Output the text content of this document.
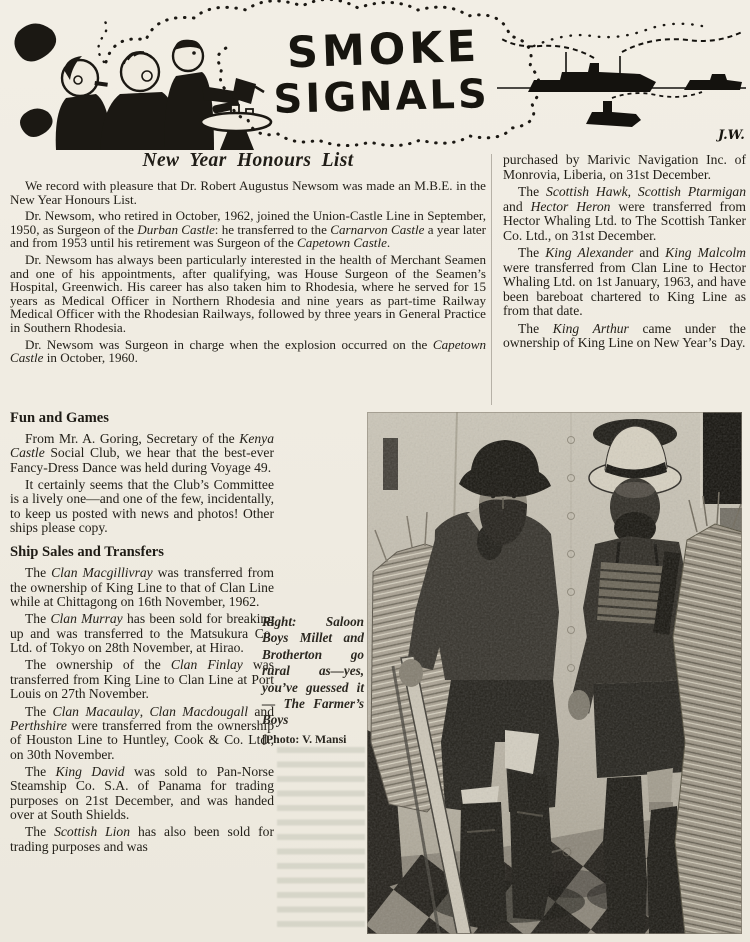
SMOKE
SIGNALS
J.W.
New Year Honours List

We record with pleasure that Dr. Robert Augustus Newsom was made an M.B.E. in the New Year Honours List.

Dr. Newsom, who retired in October, 1962, joined the Union-Castle Line in September, 1950, as Surgeon of the Durban Castle: he transferred to the Carnarvon Castle a year later and from 1953 until his retirement was Surgeon of the Capetown Castle.

Dr. Newsom has always been particularly interested in the health of Merchant Seamen and one of his appointments, after qualifying, was House Surgeon of the Seamen’s Hospital, Greenwich. His career has also taken him to Rhodesia, where he served for 15 years as Medical Officer in Northern Rhodesia and nine years as part-time Railway Medical Officer with the Rhodesian Railways, followed by three years in General Practice in Southern Rhodesia.

Dr. Newsom was Surgeon in charge when the explosion occurred on the Capetown Castle in October, 1960.

purchased by Marivic Navigation Inc. of Monrovia, Liberia, on 31st December.

The Scottish Hawk, Scottish Ptarmigan and Hector Heron were transferred from Hector Whaling Ltd. to The Scottish Tanker Co. Ltd., on 31st December.

The King Alexander and King Malcolm were transferred from Clan Line to Hector Whaling Ltd. on 1st January, 1963, and have been bareboat chartered to King Line as from that date.

The King Arthur came under the ownership of King Line on New Year’s Day.

Fun and Games

From Mr. A. Goring, Secretary of the Kenya Castle Social Club, we hear that the best-ever Fancy-Dress Dance was held during Voyage 49.

It certainly seems that the Club’s Committee is a lively one—and one of the few, incidentally, to keep us posted with news and photos! Other ships please copy.

Ship Sales and Transfers

The Clan Macgillivray was transferred from the ownership of King Line to that of Clan Line while at Chittagong on 16th November, 1962.

The Clan Murray has been sold for breaking up and was transferred to the Matsukura Co. Ltd. of Tokyo on 28th November, at Hirao.

The ownership of the Clan Finlay was transferred from King Line to Clan Line at Port Louis on 27th November.

The Clan Macaulay, Clan Macdougall and Perthshire were transferred from the ownership of Houston Line to Huntley, Cook & Co. Ltd., on 30th November.

The King David was sold to Pan-Norse Steamship Co. S.A. of Panama for trading purposes on 21st December, and was handed over at South Shields.

The Scottish Lion has also been sold for trading purposes and was

Right: Saloon Boys Millet and Brotherton go rural as—yes, you’ve guessed it — The Farmer’s Boys

[Photo: V. Mansi
